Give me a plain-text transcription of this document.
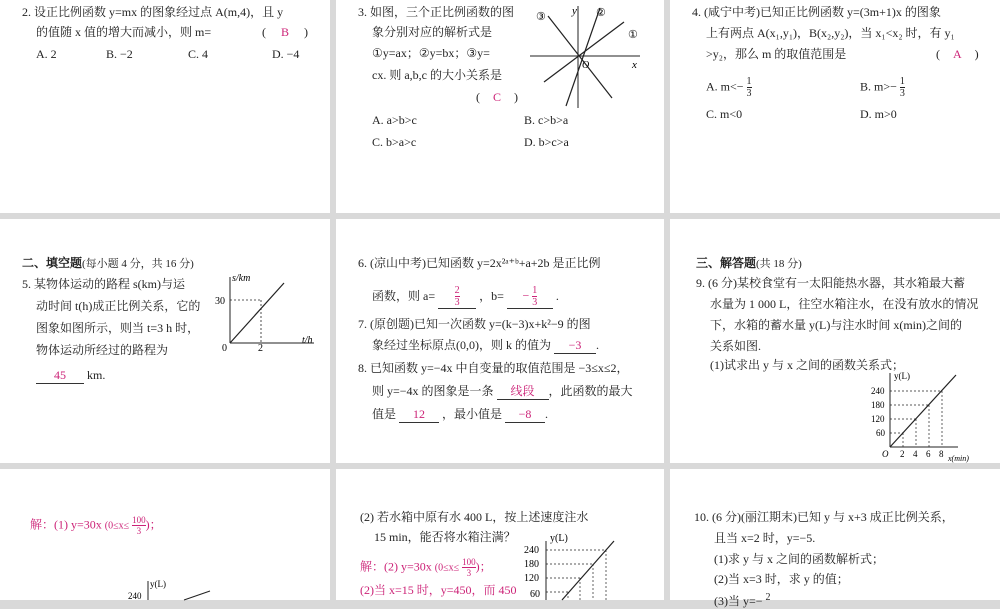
2. 设正比例函数 y=mx 的图象经过点 A(m,4)，且 y
的值随 x 值的增大而减小，则 m=	( B )
A. 2	B. −2	C. 4	D. −4
3. 如图，三个正比例函数的图
象分别对应的解析式是
①y=ax；②y=bx；③y=
cx. 则 a,b,c 的大小关系是
( C )
A. a>b>c	B. c>b>a
C. b>a>c	D. b>c>a
y
x
O
①
②
③	4. (咸宁中考)已知正比例函数 y=(3m+1)x 的图象
上有两点 A(x₁,y₁)，B(x₂,y₂)，当 x₁<x₂ 时，有 y₁
>y₂，那么 m 的取值范围是	( A )
A. $m<- \frac{1}{3}$	B. $m>- \frac{1}{3}$
C. m<0	D. m>0
二、填空题(每小题 4 分，共 16 分)
5. 某物体运动的路程 s(km)与运
动时间 t(h)成正比例关系，它的
图象如图所示，则当 t=3 h 时，
物体运动所经过的路程为
45 km.
s/km
t/h
30
2
0
6. (凉山中考)已知函数 y=2x²ᵃ⁺ᵇ+a+2b 是正比例
函数，则 $a= \frac{2}{3}$ ，$b= - \frac{1}{3}$ .
7. (原创题)已知一次函数 y=(k−3)x+k²−9 的图
象经过坐标原点(0,0)，则 k 的值为 −3 .
8. 已知函数 y=−4x 中自变量的取值范围是 −3≤x≤2，
则 y=−4x 的图象是一条 线段 ，此函数的最大
值是 12 ，最小值是 −8 .
三、解答题(共 18 分)
9. (6 分)某校食堂有一太阳能热水器，其水箱最大蓄
水量为 1 000 L，往空水箱注水，在没有放水的情况
下，水箱的蓄水量 y(L)与注水时间 x(min)之间的
关系如图.
(1)试求出 y 与 x 之间的函数关系式；
y(L)
240
180
120
60
O 2 4 6 8 x(min)
解：(1) y=30x ($0\le x\le \frac{100}{3}$ )；
y(L)
240
(2) 若水箱中原有水 400 L，按上述速度注水
15 min，能否将水箱注满？
解：(2) y=30x ($0\le x\le \frac{100}{3}$ )；
(2)当 x=15 时，y=450，而 450
y(L)
240
180
120
60
10. (6 分)(丽江期末)已知 y 与 x+3 成正比例关系，
且当 x=2 时，y=−5.
(1)求 y 与 x 之间的函数解析式；
(2)当 x=3 时，求 y 的值；
(3)当 y=− 2
